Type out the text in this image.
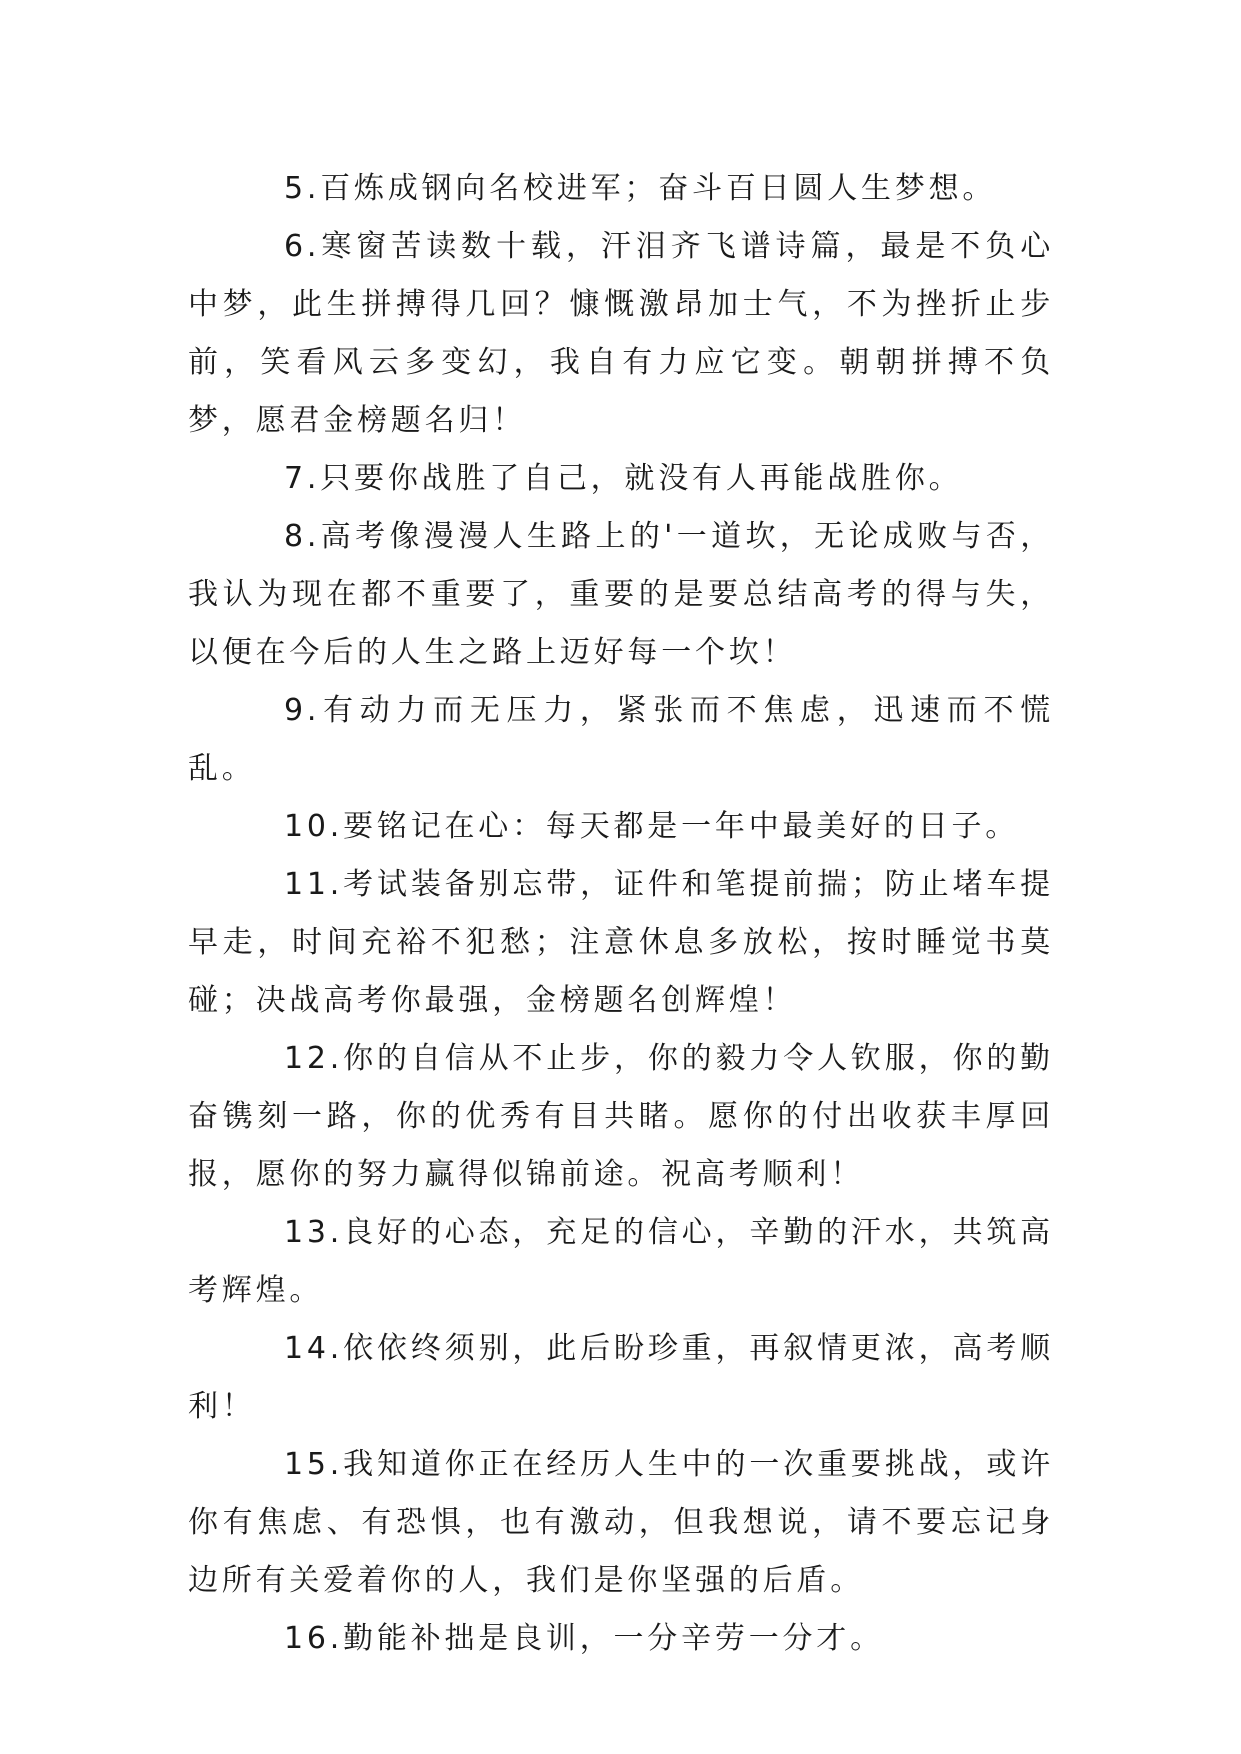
5.百炼成钢向名校进军；奋斗百日圆人生梦想。

6.寒窗苦读数十载，汗泪齐飞谱诗篇，最是不负心中梦，此生拼搏得几回？慷慨激昂加士气，不为挫折止步前，笑看风云多变幻，我自有力应它变。朝朝拼搏不负梦，愿君金榜题名归！

7.只要你战胜了自己，就没有人再能战胜你。

8.高考像漫漫人生路上的'一道坎，无论成败与否，我认为现在都不重要了，重要的是要总结高考的得与失，以便在今后的人生之路上迈好每一个坎！

9.有动力而无压力，紧张而不焦虑，迅速而不慌乱。

10.要铭记在心：每天都是一年中最美好的日子。

11.考试装备别忘带，证件和笔提前揣；防止堵车提早走，时间充裕不犯愁；注意休息多放松，按时睡觉书莫碰；决战高考你最强，金榜题名创辉煌！

12.你的自信从不止步，你的毅力令人钦服，你的勤奋镌刻一路，你的优秀有目共睹。愿你的付出收获丰厚回报，愿你的努力赢得似锦前途。祝高考顺利！

13.良好的心态，充足的信心，辛勤的汗水，共筑高考辉煌。

14.依依终须别，此后盼珍重，再叙情更浓，高考顺利！

15.我知道你正在经历人生中的一次重要挑战，或许你有焦虑、有恐惧，也有激动，但我想说，请不要忘记身边所有关爱着你的人，我们是你坚强的后盾。

16.勤能补拙是良训，一分辛劳一分才。
